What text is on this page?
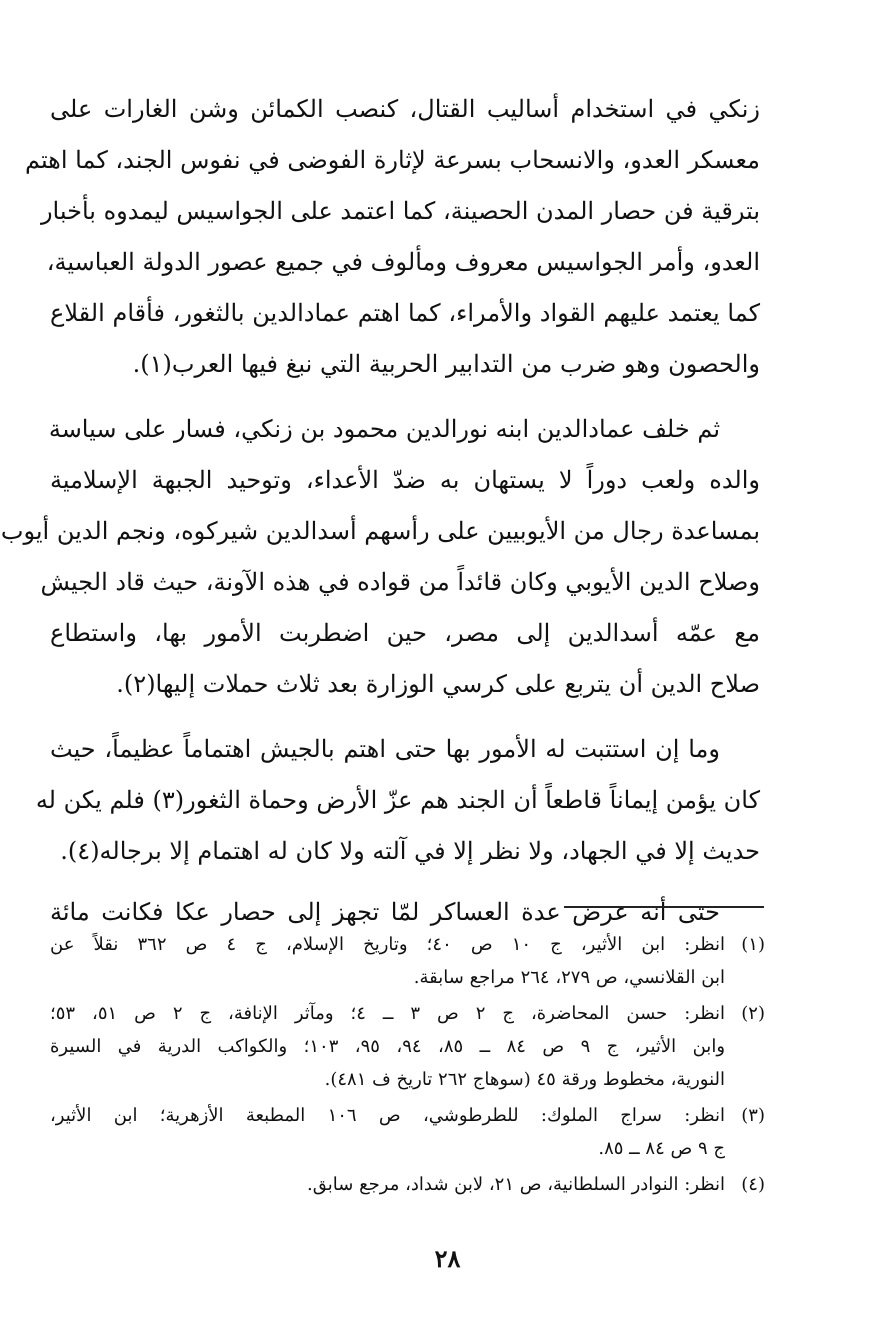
زنكي في استخدام أساليب القتال، كنصب الكمائن وشن الغارات على
معسكر العدو، والانسحاب بسرعة لإثارة الفوضى في نفوس الجند، كما اهتم
بترقية فن حصار المدن الحصينة، كما اعتمد على الجواسيس ليمدوه بأخبار
العدو، وأمر الجواسيس معروف ومألوف في جميع عصور الدولة العباسية،
كما يعتمد عليهم القواد والأمراء، كما اهتم عمادالدين بالثغور، فأقام القلاع
والحصون وهو ضرب من التدابير الحربية التي نبغ فيها العرب(١).

ثم خلف عمادالدين ابنه نورالدين محمود بن زنكي، فسار على سياسة
والده ولعب دوراً لا يستهان به ضدّ الأعداء، وتوحيد الجبهة الإسلامية
بمساعدة رجال من الأيوبيين على رأسهم أسدالدين شيركوه، ونجم الدين أيوب
وصلاح الدين الأيوبي وكان قائداً من قواده في هذه الآونة، حيث قاد الجيش
مع عمّه أسدالدين إلى مصر، حين اضطربت الأمور بها، واستطاع
صلاح الدين أن يتربع على كرسي الوزارة بعد ثلاث حملات إليها(٢).

وما إن استتبت له الأمور بها حتى اهتم بالجيش اهتماماً عظيماً، حيث
كان يؤمن إيماناً قاطعاً أن الجند هم عزّ الأرض وحماة الثغور(٣) فلم يكن له
حديث إلا في الجهاد، ولا نظر إلا في آلته ولا كان له اهتمام إلا برجاله(٤).

حتى أنه عرض عدة العساكر لمّا تجهز إلى حصار عكا فكانت مائة

(١)
انظر: ابن الأثير، ج ١٠ ص ٤٠؛ وتاريخ الإسلام، ج ٤ ص ٣٦٢ نقلاً عن
ابن القلانسي، ص ٢٧٩، ٢٦٤ مراجع سابقة.
(٢)
انظر: حسن المحاضرة، ج ٢ ص ٣ ــ ٤؛ ومآثر الإنافة، ج ٢ ص ٥١، ٥٣؛
وابن الأثير، ج ٩ ص ٨٤ ــ ٨٥، ٩٤، ٩٥، ١٠٣؛ والكواكب الدرية في السيرة
النورية، مخطوط ورقة ٤٥ (سوهاج ٢٦٢ تاريخ ف ٤٨١).
(٣)
انظر: سراج الملوك: للطرطوشي، ص ١٠٦ المطبعة الأزهرية؛ ابن الأثير،
ج ٩ ص ٨٤ ــ ٨٥.
(٤)
انظر: النوادر السلطانية، ص ٢١، لابن شداد، مرجع سابق.
٢٨
